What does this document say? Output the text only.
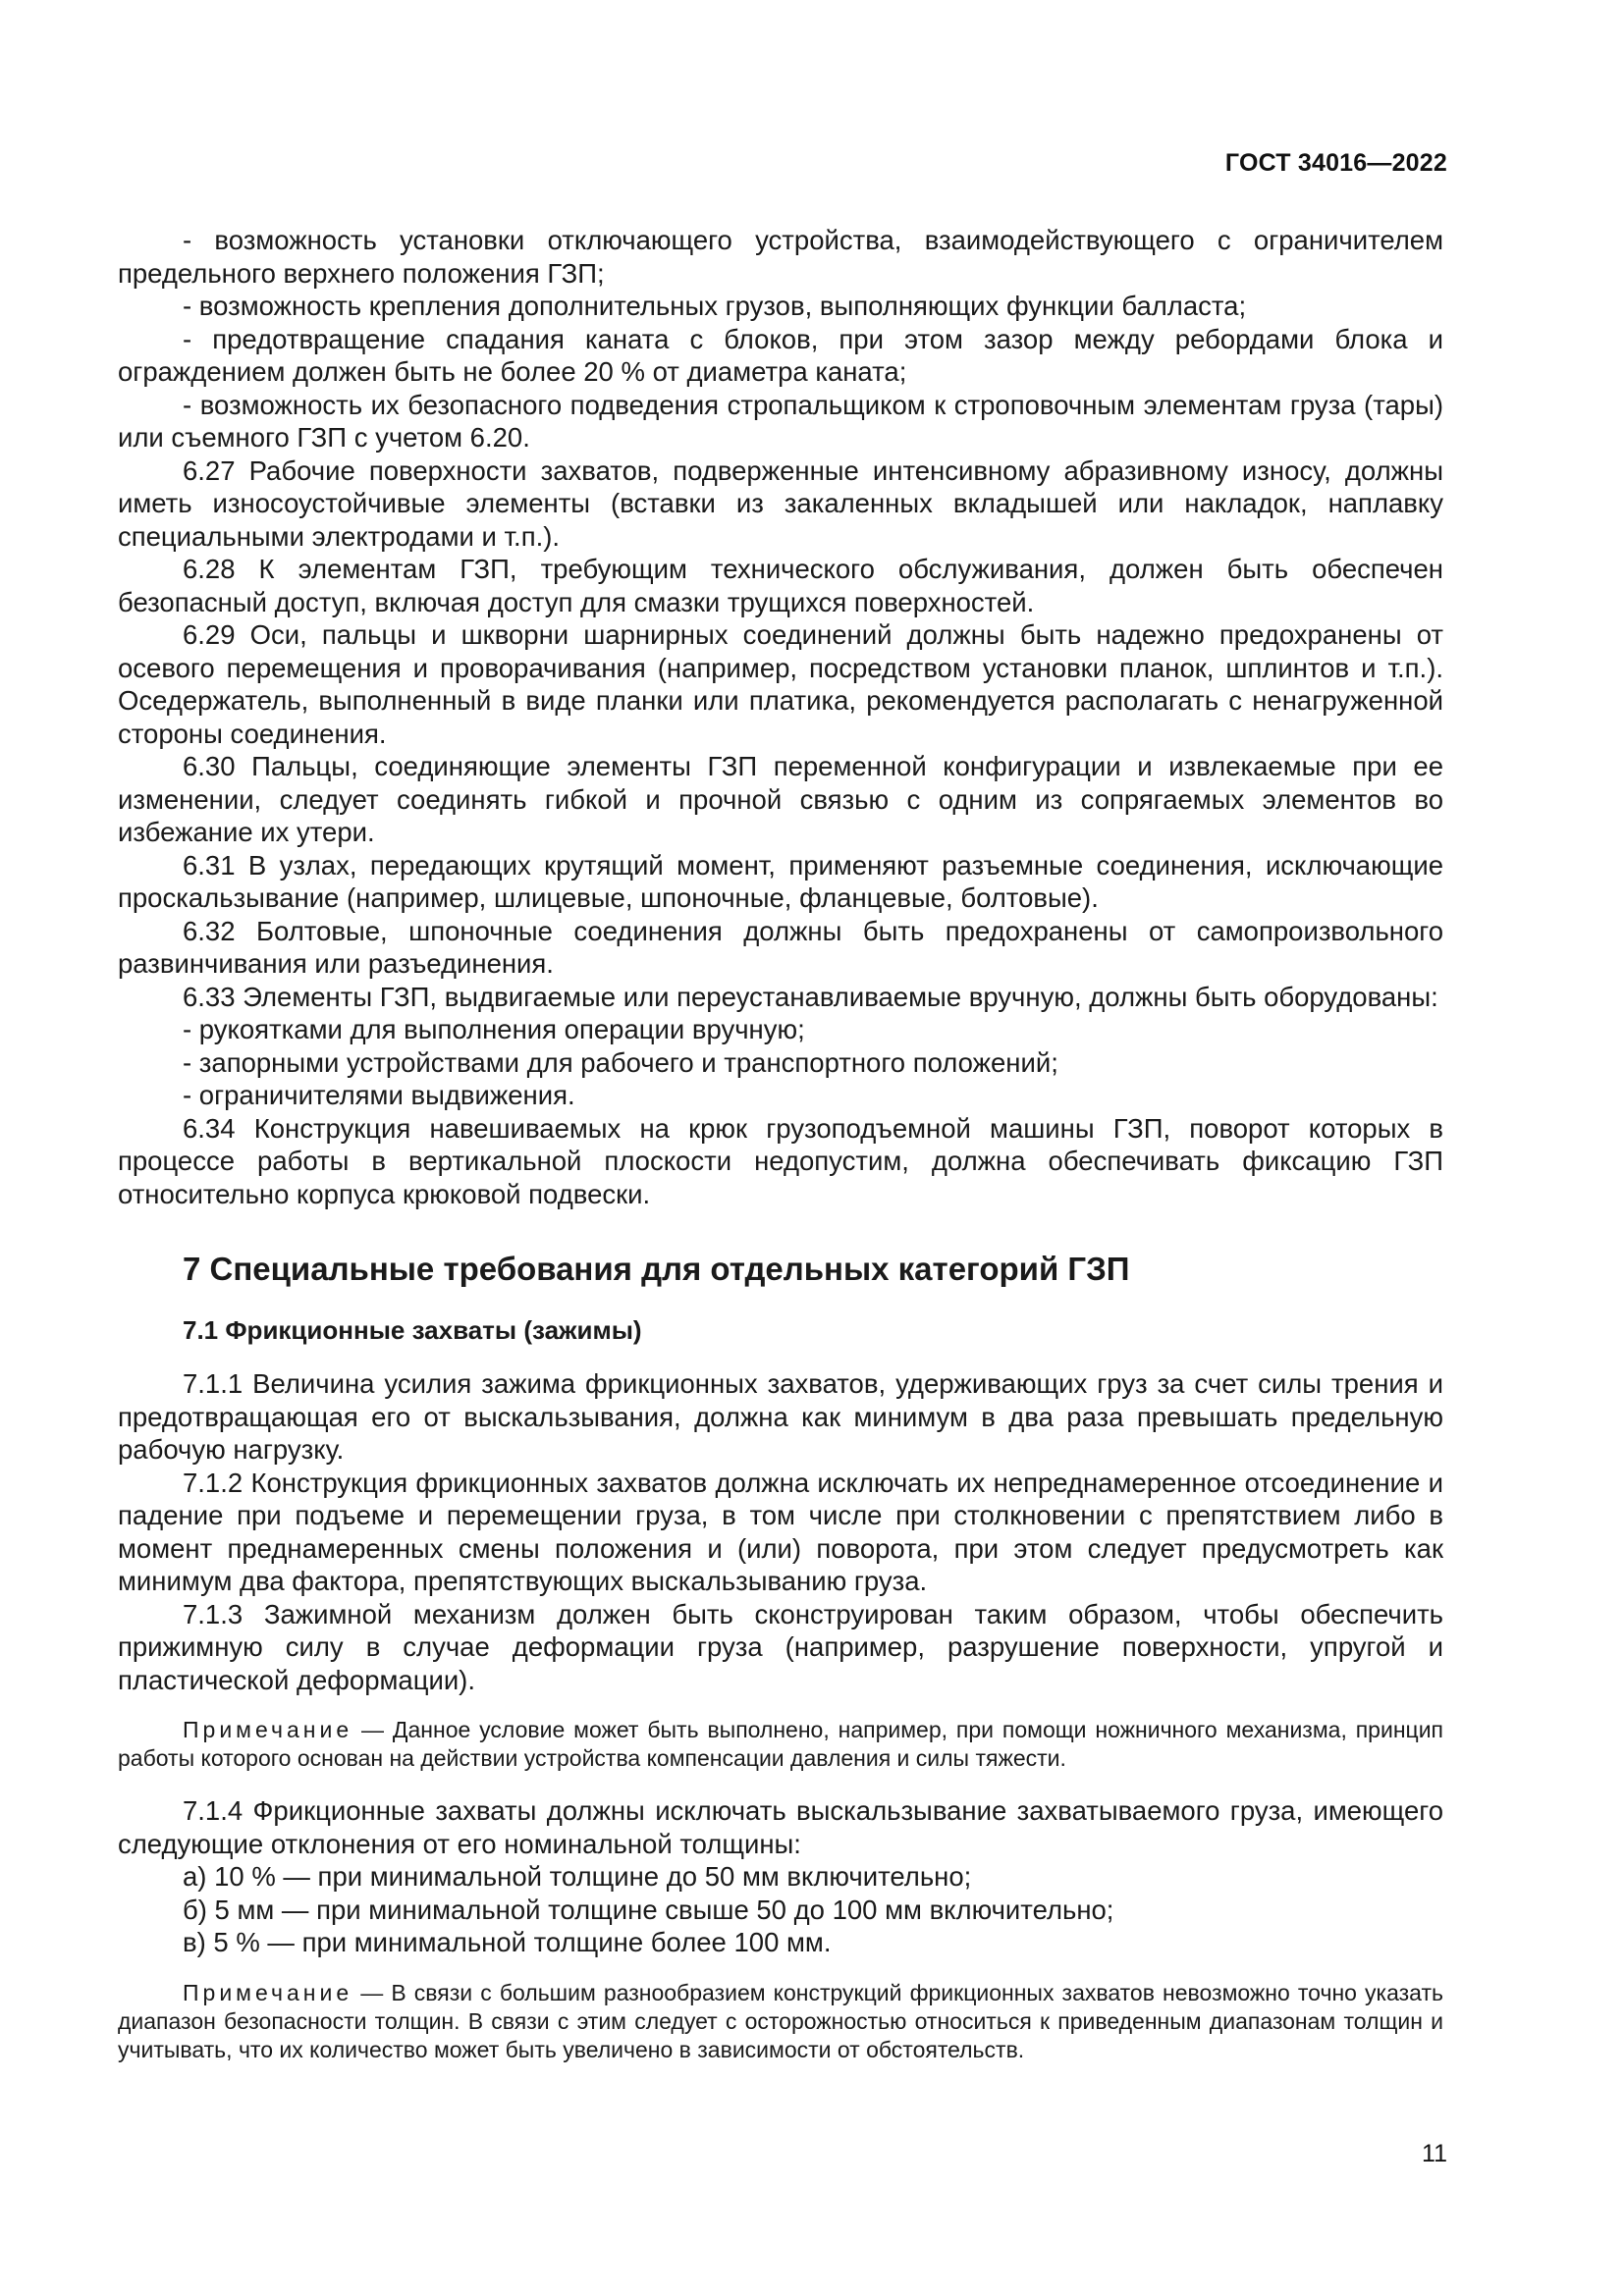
ГОСТ 34016—2022

- возможность установки отключающего устройства, взаимодействующего с ограничителем предельного верхнего положения ГЗП;

- возможность крепления дополнительных грузов, выполняющих функции балласта;

- предотвращение спадания каната с блоков, при этом зазор между ребордами блока и ограждением должен быть не более 20 % от диаметра каната;

- возможность их безопасного подведения стропальщиком к строповочным элементам груза (тары) или съемного ГЗП с учетом 6.20.

6.27 Рабочие поверхности захватов, подверженные интенсивному абразивному износу, должны иметь износоустойчивые элементы (вставки из закаленных вкладышей или накладок, наплавку специальными электродами и т.п.).

6.28 К элементам ГЗП, требующим технического обслуживания, должен быть обеспечен безопасный доступ, включая доступ для смазки трущихся поверхностей.

6.29 Оси, пальцы и шкворни шарнирных соединений должны быть надежно предохранены от осевого перемещения и проворачивания (например, посредством установки планок, шплинтов и т.п.). Оседержатель, выполненный в виде планки или платика, рекомендуется располагать с ненагруженной стороны соединения.

6.30 Пальцы, соединяющие элементы ГЗП переменной конфигурации и извлекаемые при ее изменении, следует соединять гибкой и прочной связью с одним из сопрягаемых элементов во избежание их утери.

6.31 В узлах, передающих крутящий момент, применяют разъемные соединения, исключающие проскальзывание (например, шлицевые, шпоночные, фланцевые, болтовые).

6.32 Болтовые, шпоночные соединения должны быть предохранены от самопроизвольного развинчивания или разъединения.

6.33 Элементы ГЗП, выдвигаемые или переустанавливаемые вручную, должны быть оборудованы:

- рукоятками для выполнения операции вручную;

- запорными устройствами для рабочего и транспортного положений;

- ограничителями выдвижения.

6.34 Конструкция навешиваемых на крюк грузоподъемной машины ГЗП, поворот которых в процессе работы в вертикальной плоскости недопустим, должна обеспечивать фиксацию ГЗП относительно корпуса крюковой подвески.

7 Специальные требования для отдельных категорий ГЗП
7.1 Фрикционные захваты (зажимы)

7.1.1 Величина усилия зажима фрикционных захватов, удерживающих груз за счет силы трения и предотвращающая его от выскальзывания, должна как минимум в два раза превышать предельную рабочую нагрузку.

7.1.2 Конструкция фрикционных захватов должна исключать их непреднамеренное отсоединение и падение при подъеме и перемещении груза, в том числе при столкновении с препятствием либо в момент преднамеренных смены положения и (или) поворота, при этом следует предусмотреть как минимум два фактора, препятствующих выскальзыванию груза.

7.1.3 Зажимной механизм должен быть сконструирован таким образом, чтобы обеспечить прижимную силу в случае деформации груза (например, разрушение поверхности, упругой и пластической деформации).

Примечание — Данное условие может быть выполнено, например, при помощи ножничного механизма, принцип работы которого основан на действии устройства компенсации давления и силы тяжести.

7.1.4 Фрикционные захваты должны исключать выскальзывание захватываемого груза, имеющего следующие отклонения от его номинальной толщины:

а) 10 % — при минимальной толщине до 50 мм включительно;

б) 5 мм — при минимальной толщине свыше 50 до 100 мм включительно;

в) 5 % — при минимальной толщине более 100 мм.

Примечание — В связи с большим разнообразием конструкций фрикционных захватов невозможно точно указать диапазон безопасности толщин. В связи с этим следует с осторожностью относиться к приведенным диапазонам толщин и учитывать, что их количество может быть увеличено в зависимости от обстоятельств.

11
